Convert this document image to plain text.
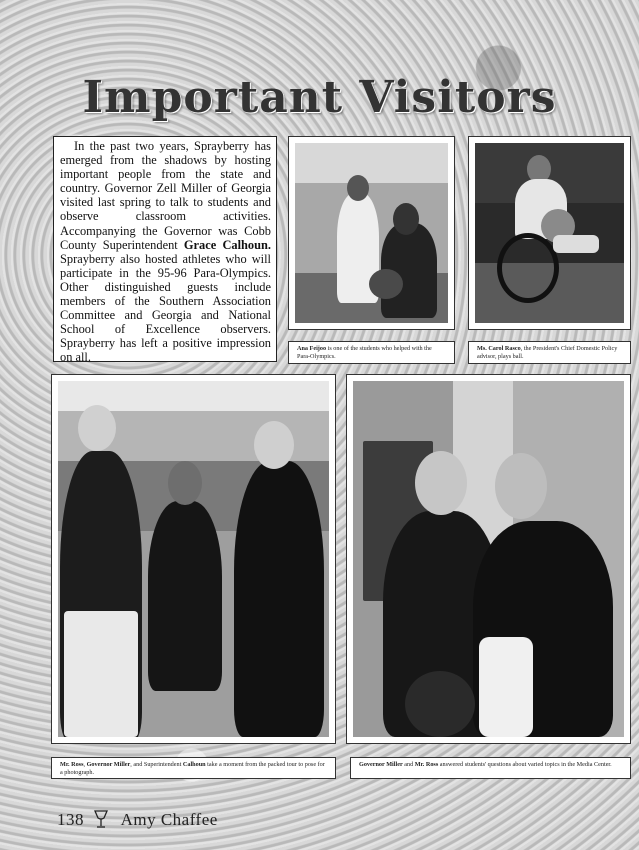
Important Visitors

In the past two years, Sprayberry has emerged from the shadows by hosting important people from the state and country. Governor Zell Miller of Georgia visited last spring to talk to students and observe classroom activities. Accompanying the Governor was Cobb County Superintendent Grace Calhoun. Sprayberry also hosted athletes who will participate in the 95-96 Para-Olympics. Other distinguished guests include members of the Southern Association Committee and Georgia and National School of Excellence observers. Sprayberry has left a positive impression on all.

Ana Feijoo is one of the students who helped with the Para-Olympics.
Ms. Carol Rasco, the President's Chief Domestic Policy advisor, plays ball.
Mr. Ross, Governor Miller, and Superintendent Calhoun take a moment from the packed tour to pose for a photograph.
Governor Miller and Mr. Ross answered students' questions about varied topics in the Media Center.
138 Amy Chaffee
